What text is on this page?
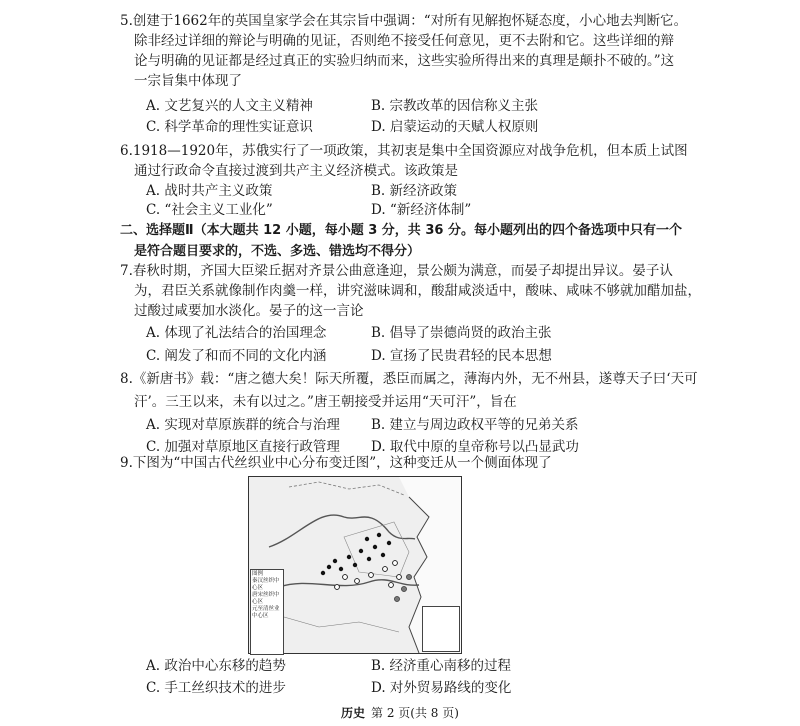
5.创建于1662年的英国皇家学会在其宗旨中强调：“对所有见解抱怀疑态度，小心地去判断它。
除非经过详细的辩论与明确的见证，否则绝不接受任何意见，更不去附和它。这些详细的辩
论与明确的见证都是经过真正的实验归纳而来，这些实验所得出来的真理是颠扑不破的。”这
一宗旨集中体现了
A. 文艺复兴的人文主义精神	B. 宗教改革的因信称义主张
C. 科学革命的理性实证意识	D. 启蒙运动的天赋人权原则
6.1918—1920年，苏俄实行了一项政策，其初衷是集中全国资源应对战争危机，但本质上试图
通过行政命令直接过渡到共产主义经济模式。该政策是
A. 战时共产主义政策	B. 新经济政策
C. “社会主义工业化”	D. “新经济体制”
二、选择题Ⅱ（本大题共 12 小题，每小题 3 分，共 36 分。每小题列出的四个备选项中只有一个
是符合题目要求的，不选、多选、错选均不得分）
7.春秋时期，齐国大臣梁丘据对齐景公曲意逢迎，景公颇为满意，而晏子却提出异议。晏子认
为，君臣关系就像制作肉羹一样，讲究滋味调和，酸甜咸淡适中，酸味、咸味不够就加醋加盐，
过酸过咸要加水淡化。晏子的这一言论
A. 体现了礼法结合的治国理念	B. 倡导了崇德尚贤的政治主张
C. 阐发了和而不同的文化内涵	D. 宣扬了民贵君轻的民本思想
8.《新唐书》载：“唐之德大矣！际天所覆，悉臣而属之，薄海内外，无不州县，遂尊天子曰‘天可
汗’。三王以来，未有以过之。”唐王朝接受并运用“天可汗”，旨在
A. 实现对草原族群的统合与治理 B. 建立与周边政权平等的兄弟关系
图例
秦汉丝织中心区
唐宋丝织中心区
元至清丝业中心区
A. 政治中心东移的趋势	B. 经济重心南移的过程
C. 手工丝织技术的进步	D. 对外贸易路线的变化
历史 第 2 页(共 8 页)
C. 加强对草原地区直接行政管理 D. 取代中原的皇帝称号以凸显武功
9.下图为“中国古代丝织业中心分布变迁图”，这种变迁从一个侧面体现了
